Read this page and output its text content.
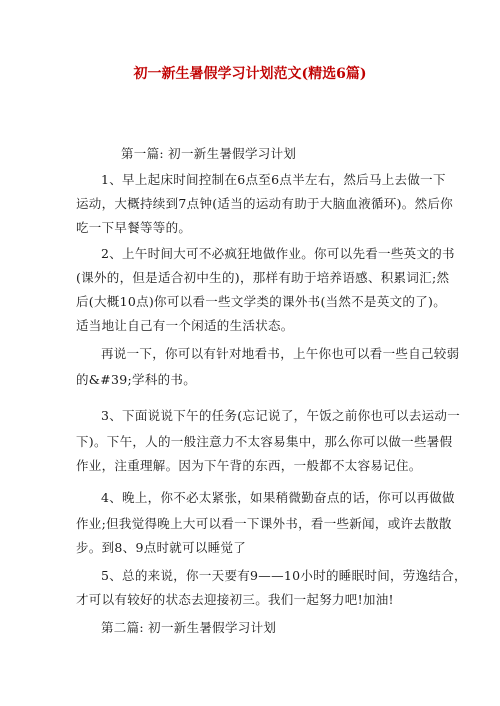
初一新生暑假学习计划范文(精选6篇)
第一篇: 初一新生暑假学习计划
1、早上起床时间控制在6点至6点半左右，然后马上去做一下
运动，大概持续到7点钟(适当的运动有助于大脑血液循环)。然后你
吃一下早餐等等的。
2、上午时间大可不必疯狂地做作业。你可以先看一些英文的书
(课外的，但是适合初中生的)，那样有助于培养语感、积累词汇;然
后(大概10点)你可以看一些文学类的课外书(当然不是英文的了)。
适当地让自己有一个闲适的生活状态。
再说一下，你可以有针对地看书，上午你也可以看一些自己较弱
的&#39;学科的书。
3、下面说说下午的任务(忘记说了，午饭之前你也可以去运动一
下)。下午，人的一般注意力不太容易集中，那么你可以做一些暑假
作业，注重理解。因为下午背的东西，一般都不太容易记住。
4、晚上，你不必太紧张，如果稍微勤奋点的话，你可以再做做
作业;但我觉得晚上大可以看一下课外书，看一些新闻，或许去散散
步。到8、9点时就可以睡觉了
5、总的来说，你一天要有9——10小时的睡眠时间，劳逸结合，
才可以有较好的状态去迎接初三。我们一起努力吧!加油!
第二篇: 初一新生暑假学习计划
